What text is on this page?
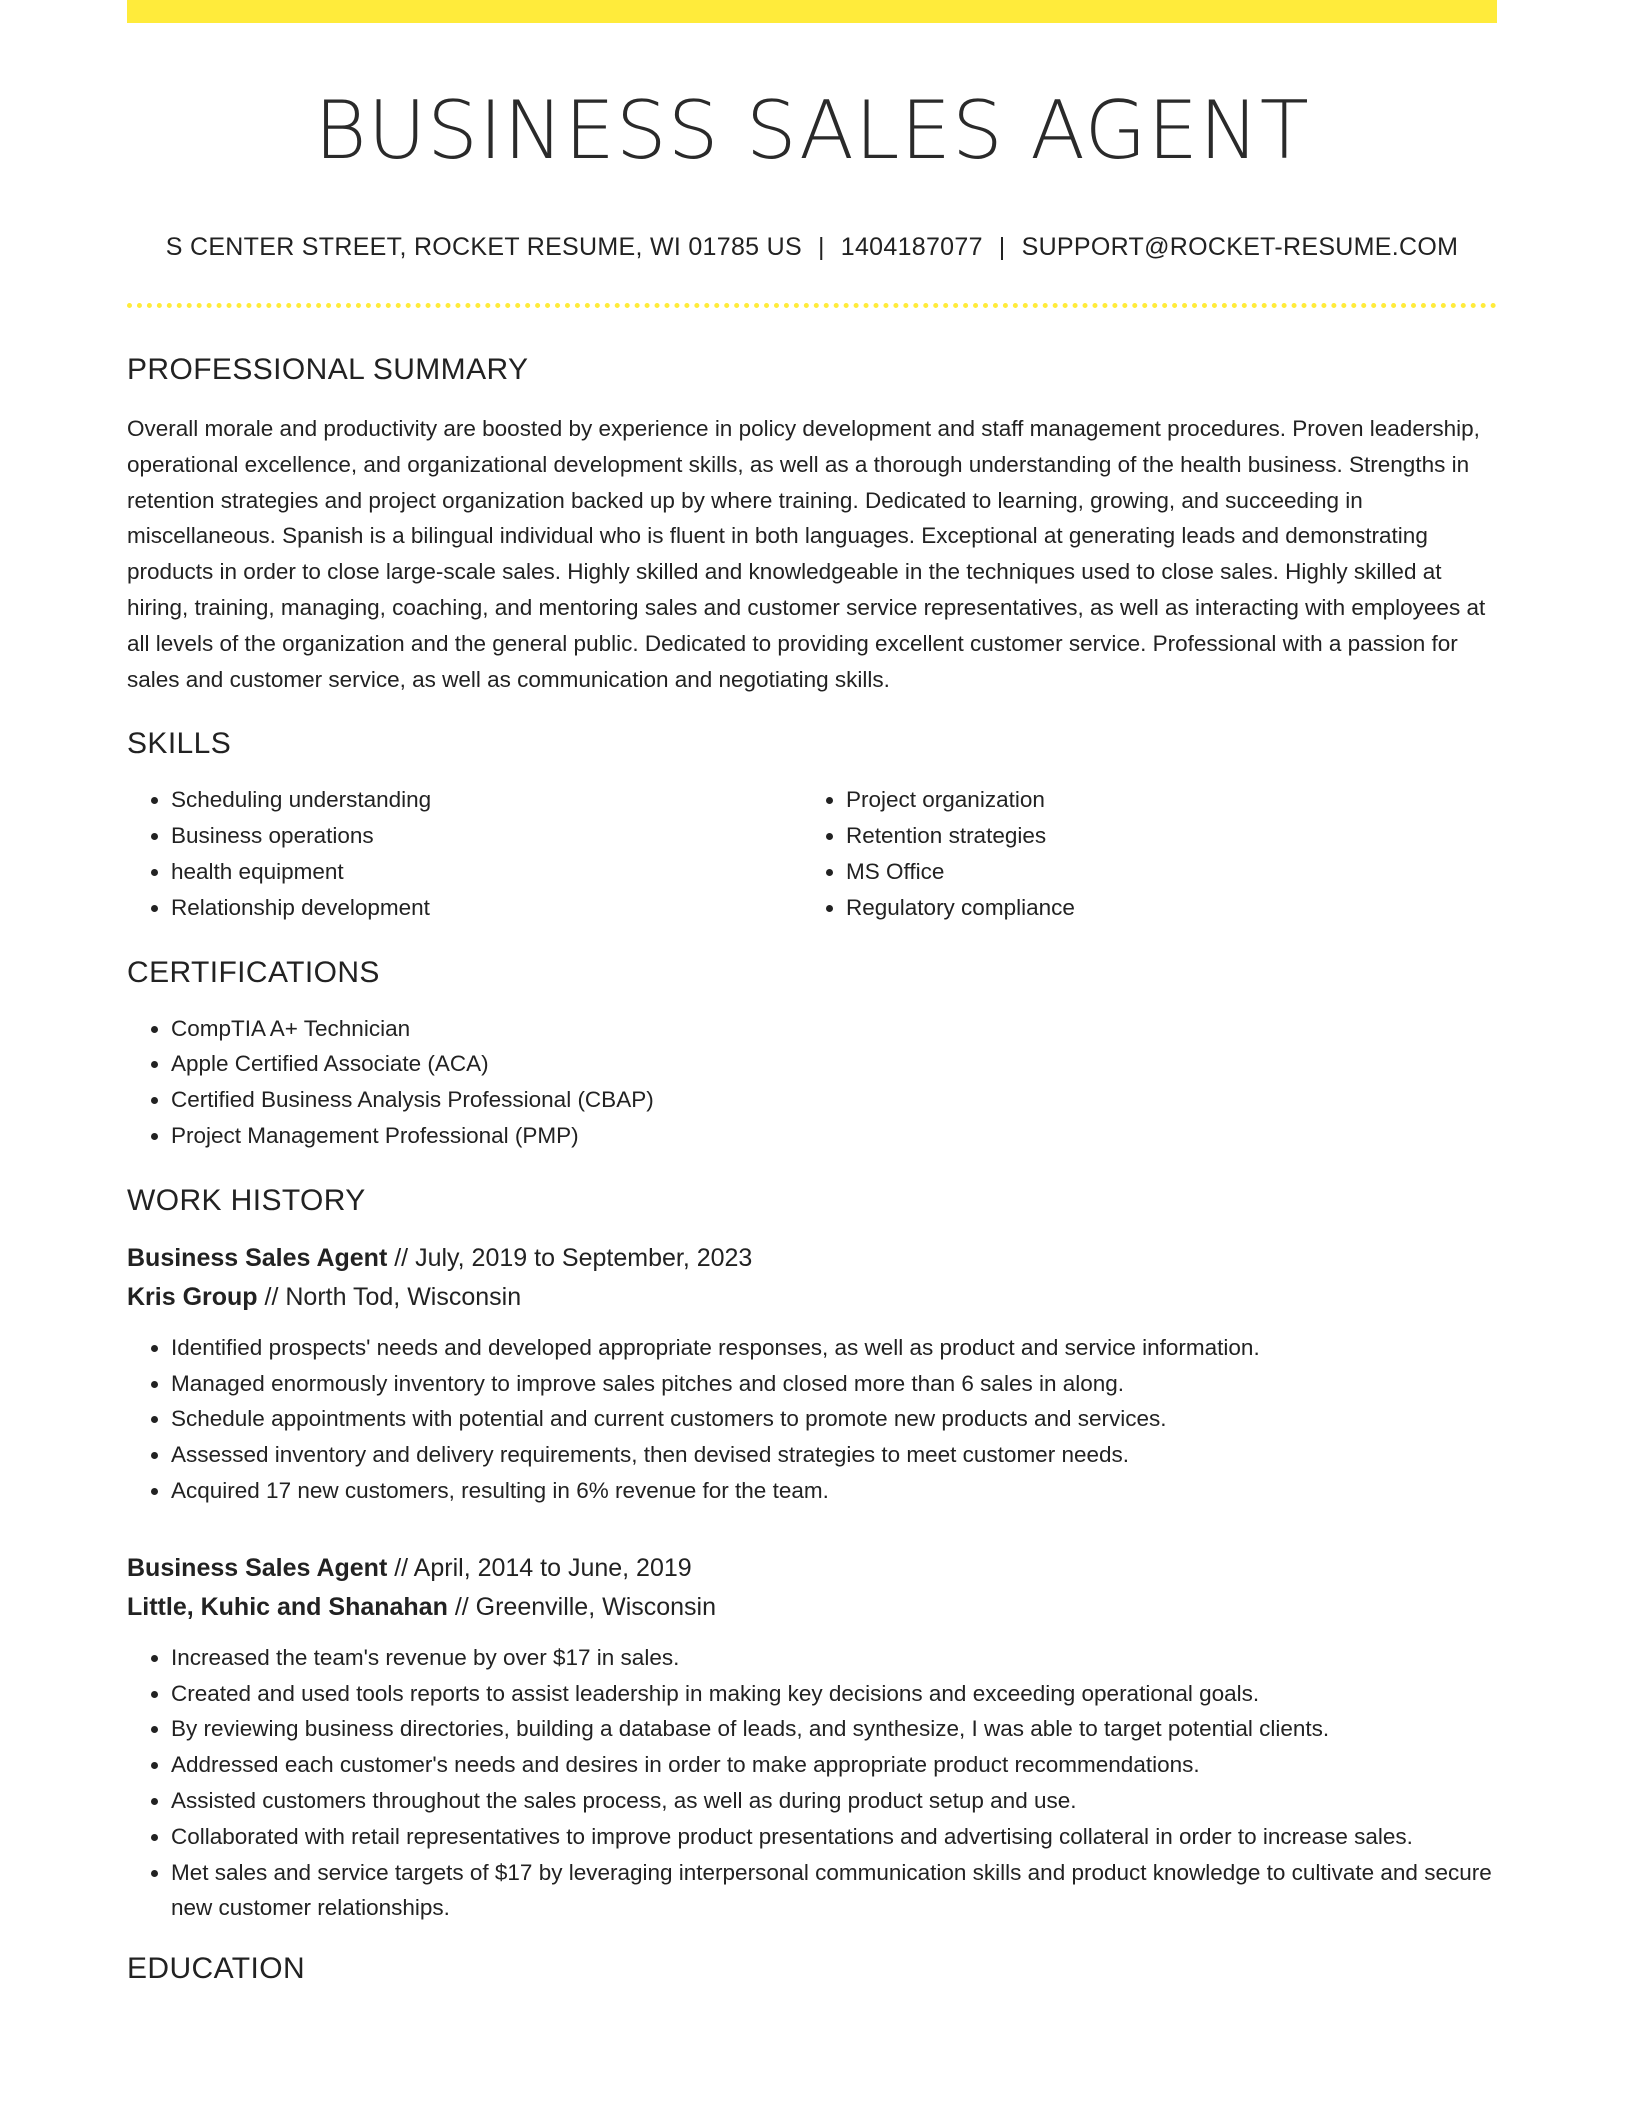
BUSINESS SALES AGENT
S CENTER STREET, ROCKET RESUME, WI 01785 US | 1404187077 | SUPPORT@ROCKET-RESUME.COM
PROFESSIONAL SUMMARY

Overall morale and productivity are boosted by experience in policy development and staff management procedures. Proven leadership, operational excellence, and organizational development skills, as well as a thorough understanding of the health business. Strengths in retention strategies and project organization backed up by where training. Dedicated to learning, growing, and succeeding in miscellaneous. Spanish is a bilingual individual who is fluent in both languages. Exceptional at generating leads and demonstrating products in order to close large-scale sales. Highly skilled and knowledgeable in the techniques used to close sales. Highly skilled at hiring, training, managing, coaching, and mentoring sales and customer service representatives, as well as interacting with employees at all levels of the organization and the general public. Dedicated to providing excellent customer service. Professional with a passion for sales and customer service, as well as communication and negotiating skills.

SKILLS
• Scheduling understanding
• Business operations
• health equipment
• Relationship development
• Project organization
• Retention strategies
• MS Office
• Regulatory compliance
CERTIFICATIONS
• CompTIA A+ Technician
• Apple Certified Associate (ACA)
• Certified Business Analysis Professional (CBAP)
• Project Management Professional (PMP)
WORK HISTORY
Business Sales Agent // July, 2019 to September, 2023
Kris Group // North Tod, Wisconsin
• Identified prospects' needs and developed appropriate responses, as well as product and service information.
• Managed enormously inventory to improve sales pitches and closed more than 6 sales in along.
• Schedule appointments with potential and current customers to promote new products and services.
• Assessed inventory and delivery requirements, then devised strategies to meet customer needs.
• Acquired 17 new customers, resulting in 6% revenue for the team.
Business Sales Agent // April, 2014 to June, 2019
Little, Kuhic and Shanahan // Greenville, Wisconsin
• Increased the team's revenue by over $17 in sales.
• Created and used tools reports to assist leadership in making key decisions and exceeding operational goals.
• By reviewing business directories, building a database of leads, and synthesize, I was able to target potential clients.
• Addressed each customer's needs and desires in order to make appropriate product recommendations.
• Assisted customers throughout the sales process, as well as during product setup and use.
• Collaborated with retail representatives to improve product presentations and advertising collateral in order to increase sales.
• Met sales and service targets of $17 by leveraging interpersonal communication skills and product knowledge to cultivate and secure new customer relationships.
EDUCATION
